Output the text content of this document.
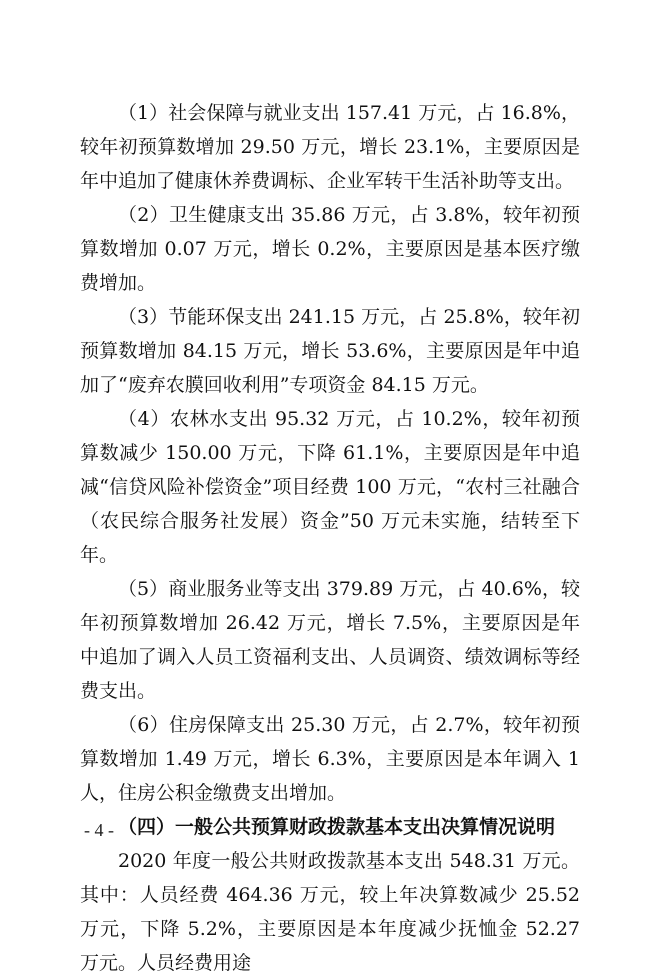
（1）社会保障与就业支出 157.41 万元，占 16.8%，较年初预算数增加 29.50 万元，增长 23.1%，主要原因是年中追加了健康休养费调标、企业军转干生活补助等支出。

（2）卫生健康支出 35.86 万元，占 3.8%，较年初预算数增加 0.07 万元，增长 0.2%，主要原因是基本医疗缴费增加。

（3）节能环保支出 241.15 万元，占 25.8%，较年初预算数增加 84.15 万元，增长 53.6%，主要原因是年中追加了“废弃农膜回收利用”专项资金 84.15 万元。

（4）农林水支出 95.32 万元，占 10.2%，较年初预算数减少 150.00 万元，下降 61.1%，主要原因是年中追减“信贷风险补偿资金”项目经费 100 万元，“农村三社融合（农民综合服务社发展）资金”50 万元未实施，结转至下年。

（5）商业服务业等支出 379.89 万元，占 40.6%，较年初预算数增加 26.42 万元，增长 7.5%，主要原因是年中追加了调入人员工资福利支出、人员调资、绩效调标等经费支出。

（6）住房保障支出 25.30 万元，占 2.7%，较年初预算数增加 1.49 万元，增长 6.3%，主要原因是本年调入 1 人，住房公积金缴费支出增加。

（四）一般公共预算财政拨款基本支出决算情况说明

2020 年度一般公共财政拨款基本支出 548.31 万元。其中：人员经费 464.36 万元，较上年决算数减少 25.52 万元，下降 5.2%，主要原因是本年度减少抚恤金 52.27 万元。人员经费用途

- 4 -
